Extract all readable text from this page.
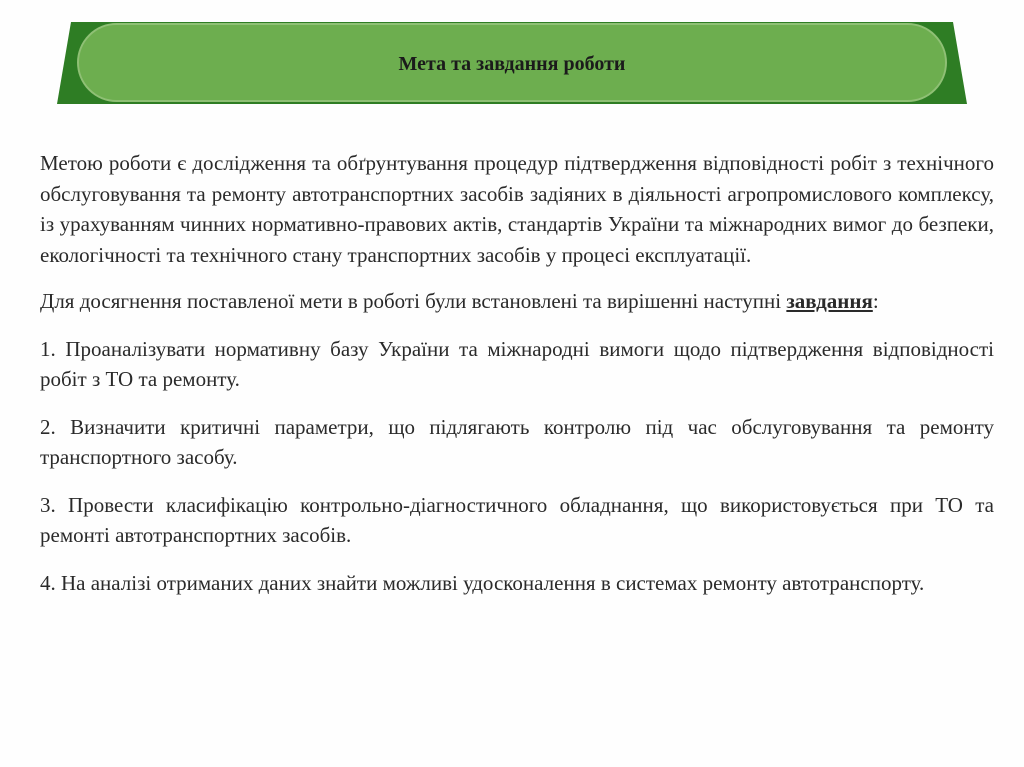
Мета та завдання роботи

Метою роботи є дослідження та обґрунтування процедур підтвердження відповідності робіт з технічного обслуговування та ремонту автотранспортних засобів задіяних в діяльності агропромислового комплексу, із урахуванням чинних нормативно-правових актів, стандартів України та міжнародних вимог до безпеки, екологічності та технічного стану транспортних засобів у процесі експлуатації.

Для досягнення поставленої мети в роботі були встановлені та вирішенні наступні завдання:

1. Проаналізувати нормативну базу України та міжнародні вимоги щодо підтвердження відповідності робіт з ТО та ремонту.

2. Визначити критичні параметри, що підлягають контролю під час обслуговування та ремонту транспортного засобу.

3. Провести класифікацію контрольно-діагностичного обладнання, що використовується при ТО та ремонті автотранспортних засобів.

4. На аналізі отриманих даних знайти можливі удосконалення в системах ремонту автотранспорту.
